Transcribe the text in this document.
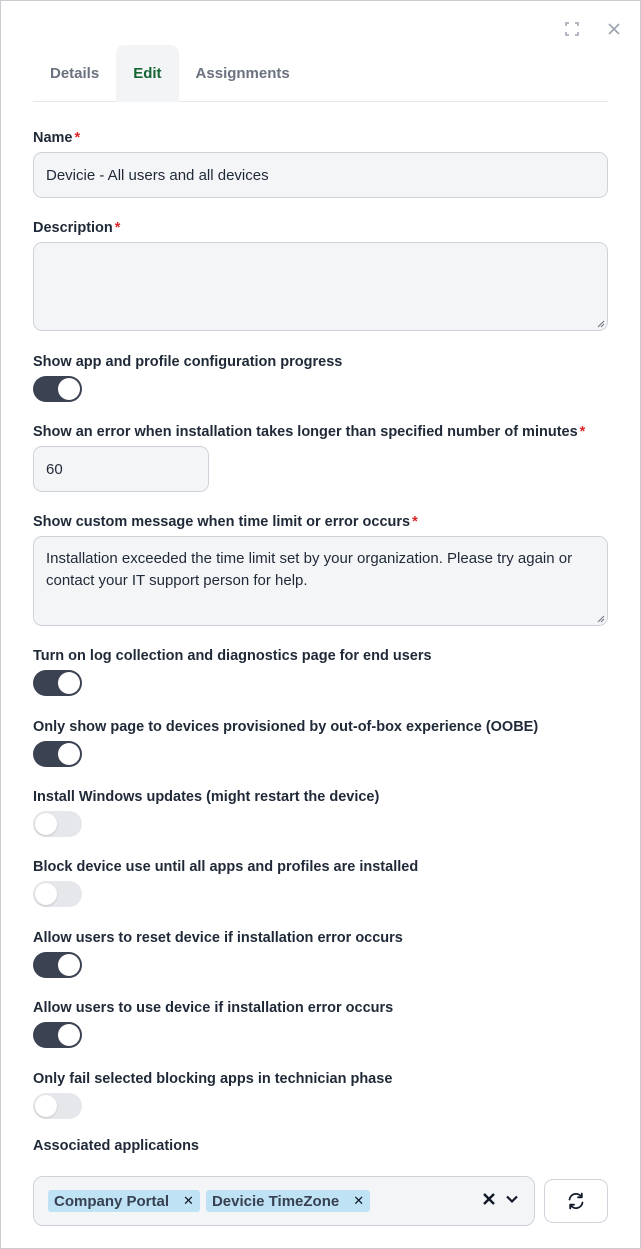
Details	Edit	Assignments
Name *
Devicie - All users and all devices
Description *
Show app and profile configuration progress
Show an error when installation takes longer than specified number of minutes *
60
Show custom message when time limit or error occurs *
Installation exceeded the time limit set by your organization. Please try again or contact your IT support person for help.
Turn on log collection and diagnostics page for end users
Only show page to devices provisioned by out-of-box experience (OOBE)
Install Windows updates (might restart the device)
Block device use until all apps and profiles are installed
Allow users to reset device if installation error occurs
Allow users to use device if installation error occurs
Only fail selected blocking apps in technician phase
Associated applications
Company Portal ✕ Devicie TimeZone ✕
